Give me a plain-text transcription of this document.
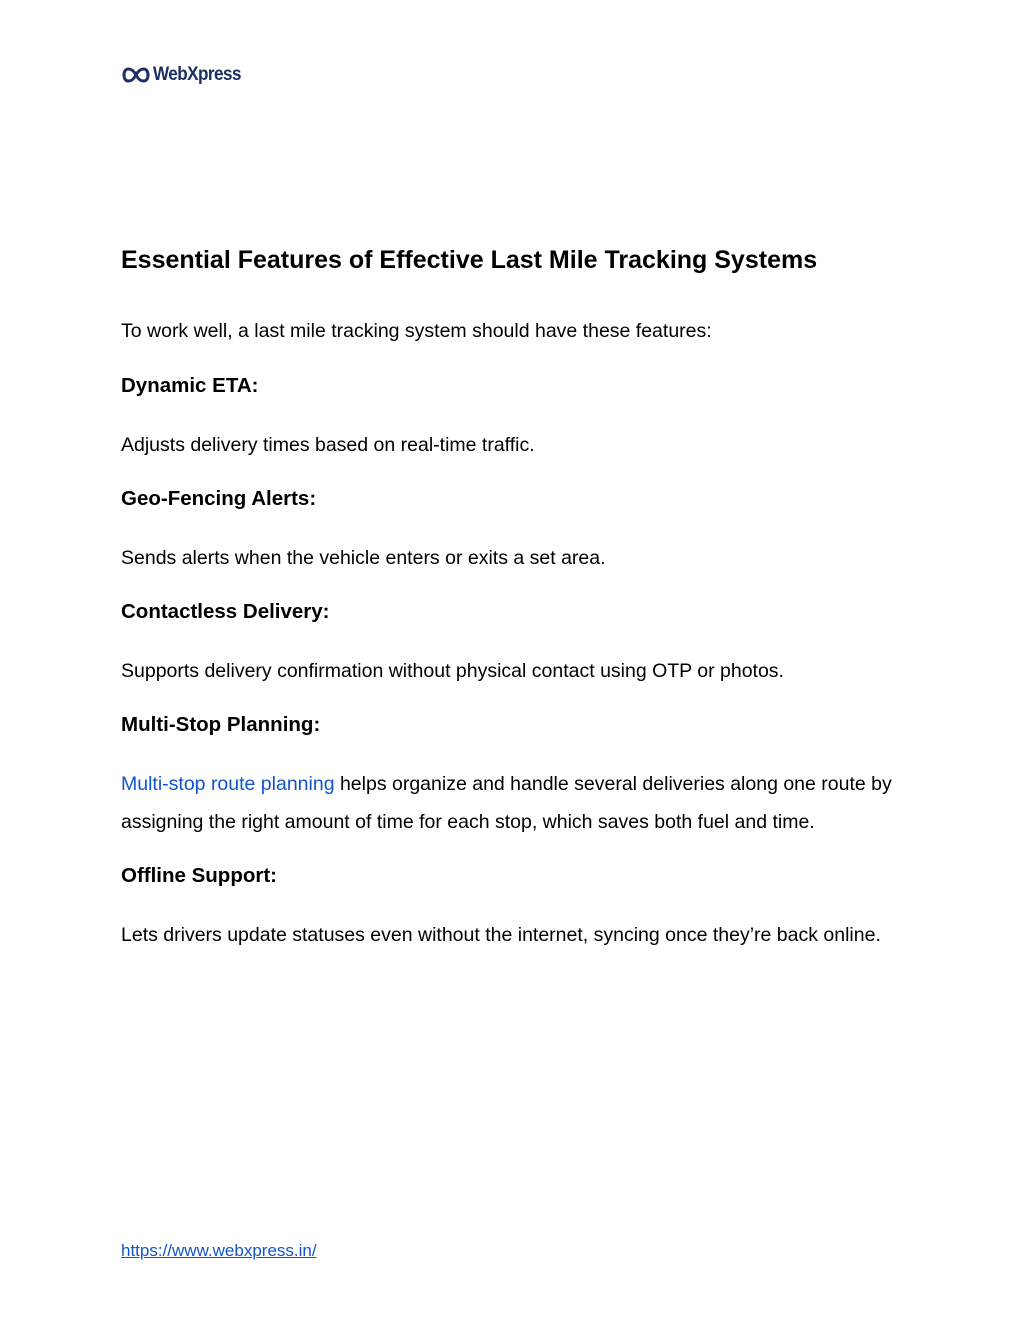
WebXpress
Essential Features of Effective Last Mile Tracking Systems

To work well, a last mile tracking system should have these features:

Dynamic ETA:

Adjusts delivery times based on real-time traffic.

Geo-Fencing Alerts:

Sends alerts when the vehicle enters or exits a set area.

Contactless Delivery:

Supports delivery confirmation without physical contact using OTP or photos.

Multi-Stop Planning:

Multi-stop route planning helps organize and handle several deliveries along one route by assigning the right amount of time for each stop, which saves both fuel and time.

Offline Support:

Lets drivers update statuses even without the internet, syncing once they’re back online.

https://www.webxpress.in/
